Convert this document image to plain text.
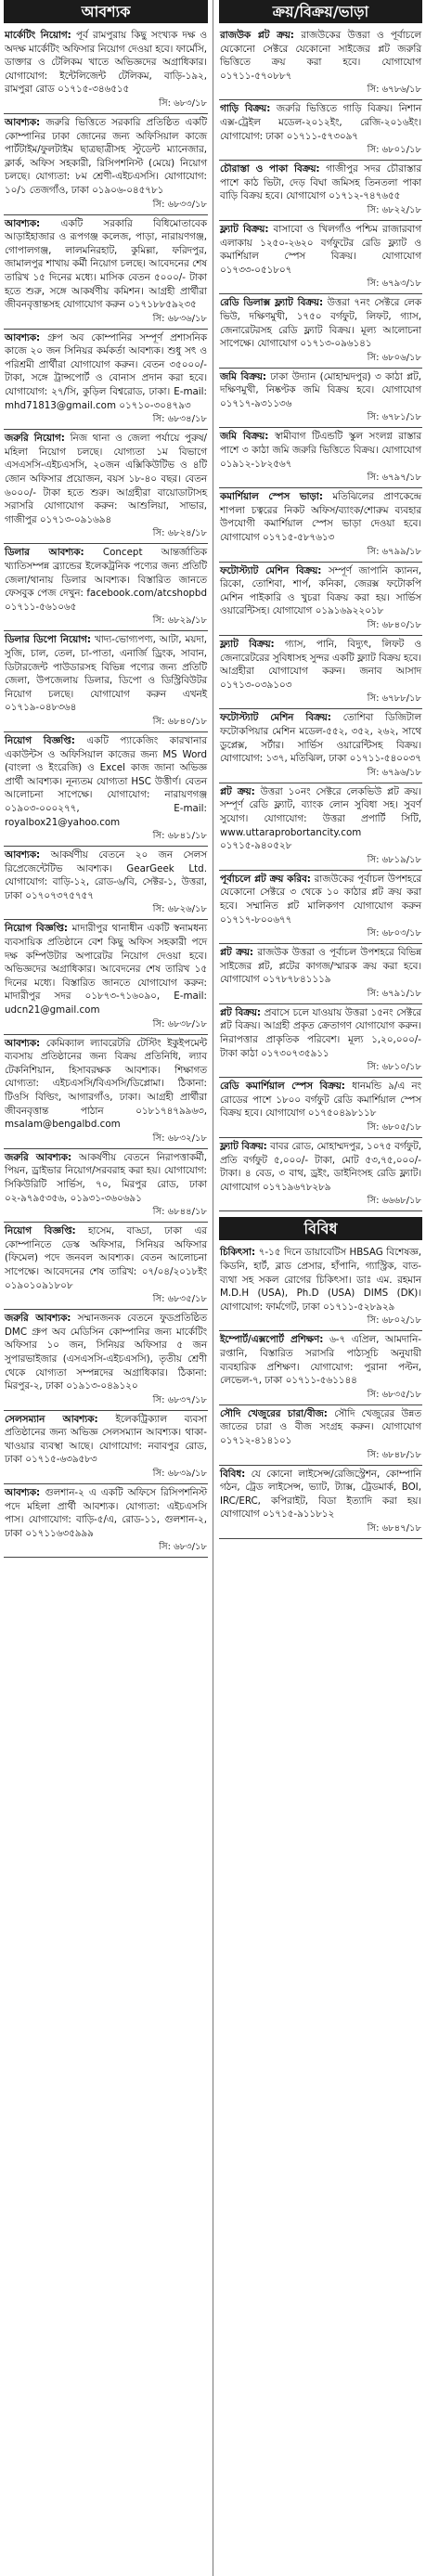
আবশ্যক
মার্কেটিং নিয়োগ: পূর্ব রামপুরায় কিছু সংখ্যক দক্ষ ও অদক্ষ মার্কেটিং অফিসার নিয়োগ দেওয়া হবে। ফার্মেসি, ডাক্তার ও টেলিকম খাতে অভিজ্ঞদের অগ্রাধিকার। যোগাযোগ: ইন্টেলিজেন্ট টেলিকম, বাড়ি-১৯২, রামপুরা রোড ০১৭১৫-৩৪৬৫১৫
সি: ৬৮৩/১৮
আবশ্যক: জরুরি ভিত্তিতে সরকারি প্রতিষ্ঠিত একটি কোম্পানির ঢাকা জোনের জন্য অফিসিয়াল কাজে পার্টটাইম/ফুলটাইম ছাত্রছাত্রীসহ স্টুডেন্ট ম্যানেজার, ক্লার্ক, অফিস সহকারী, রিসিপশনিস্ট (মেয়ে) নিয়োগ চলছে। যোগ্যতা: ৮ম শ্রেণী-এইচএসসি। যোগাযোগ: ১০/১ তেজগাঁও, ঢাকা ০১৯০৬-০৪৫৭৮১
সি: ৬৮৩৩/১৮
আবশ্যক: একটি সরকারি বিধিমোতাবেক আড়াইহাজার ও রূপগঞ্জ কলেজ, পাড়া, নারায়ণগঞ্জ, গোপালগঞ্জ, লালমনিরহাট, কুমিল্লা, ফরিদপুর, জামালপুর শাখায় কর্মী নিয়োগ চলছে। আবেদনের শেষ তারিখ ১৫ দিনের মধ্যে। মাসিক বেতন ৫০০০/- টাকা হতে শুরু, সঙ্গে আকর্ষণীয় কমিশন। আগ্রহী প্রার্থীরা জীবনবৃত্তান্তসহ যোগাযোগ করুন ০১৭১৮৮৫৯২৩৫
সি: ৬৮৩৬/১৮
আবশ্যক: গ্রুপ অব কোম্পানির সম্পূর্ণ প্রশাসনিক কাজে ২০ জন সিনিয়র কর্মকর্তা আবশ্যক। শুধু সৎ ও পরিশ্রমী প্রার্থীরা যোগাযোগ করুন। বেতন ৩৫০০০/- টাকা, সঙ্গে ট্রান্সপোর্ট ও বোনাস প্রদান করা হবে। যোগাযোগ: ২৭/সি, কুড়িল বিশ্বরোড, ঢাকা। E-mail: mhd71813@gmail.com ০১৭১০-৩০৪৭৯৩
সি: ৬৮৩৪/১৮
জরুরি নিয়োগ: নিজ থানা ও জেলা পর্যায়ে পুরুষ/মহিলা নিয়োগ চলছে। যোগ্যতা ১ম বিভাগে এসএসসি-এইচএসসি, ২০জন এক্সিকিউটিভ ও ৪টি জোন অফিসার প্রয়োজন, বয়স ১৮-৪০ বছর। বেতন ৬০০০/- টাকা হতে শুরু। আগ্রহীরা বায়োডাটাসহ সরাসরি যোগাযোগ করুন: আশুলিয়া, সাভার, গাজীপুর ০১৭১৩-০৯১৬৯৪
সি: ৬৮২৪/১৮
ডিলার আবশ্যক: Concept আন্তর্জাতিক খ্যাতিসম্পন্ন ব্র্যান্ডের ইলেকট্রনিক পণ্যের জন্য প্রতিটি জেলা/থানায় ডিলার আবশ্যক। বিস্তারিত জানতে ফেসবুক পেজ দেখুন: facebook.com/atcshopbd ০১৭১১-৫৬১০৬৫
সি: ৬৮২৯/১৮
ডিলার ডিপো নিয়োগ: খাদ্য-ভোগ্যপণ্য, আটা, ময়দা, সুজি, চাল, তেল, চা-পাতা, এনার্জি ড্রিংক, সাবান, ডিটারজেন্ট পাউডারসহ বিভিন্ন পণ্যের জন্য প্রতিটি জেলা, উপজেলায় ডিলার, ডিপো ও ডিস্ট্রিবিউটর নিয়োগ চলছে। যোগাযোগ করুন এখনই ০১৭১৯-০৪৮৩৬৪
সি: ৬৮৪০/১৮
নিয়োগ বিজ্ঞপ্তি: একটি প্যাকেজিং কারখানার একাউন্টস ও অফিসিয়াল কাজের জন্য MS Word (বাংলা ও ইংরেজি) ও Excel কাজ জানা অভিজ্ঞ প্রার্থী আবশ্যক। নূন্যতম যোগ্যতা HSC উত্তীর্ণ। বেতন আলোচনা সাপেক্ষে। যোগাযোগ: নারায়ণগঞ্জ ০১৯০৩-০০০২৭৭, E-mail: royalbox21@yahoo.com
সি: ৬৮৪১/১৮
আবশ্যক: আকর্ষণীয় বেতনে ২০ জন সেলস রিপ্রেজেন্টেটিভ আবশ্যক। GearGeek Ltd. যোগাযোগ: বাড়ি-১২, রোড-৬/বি, সেক্টর-১, উত্তরা, ঢাকা ০১৭০৭৩৭৫৭৫৭
সি: ৬৮২৬/১৮
নিয়োগ বিজ্ঞপ্তি: মাদারীপুর থানাধীন একটি স্বনামধন্য ব্যবসায়িক প্রতিষ্ঠানে বেশ কিছু অফিস সহকারী পদে দক্ষ কম্পিউটার অপারেটর নিয়োগ দেওয়া হবে। অভিজ্ঞদের অগ্রাধিকার। আবেদনের শেষ তারিখ ১৫ দিনের মধ্যে। বিস্তারিত জানতে যোগাযোগ করুন: মাদারীপুর সদর ০১৮৭৩-৭১৬০৯০, E-mail: udcn21@gmail.com
সি: ৬৮৩৮/১৮
আবশ্যক: কেমিক্যাল ল্যাবরেটরি টেস্টিং ইকুইপমেন্ট ব্যবসায় প্রতিষ্ঠানের জন্য বিক্রয় প্রতিনিধি, ল্যাব টেকনিশিয়ান, হিসাবরক্ষক আবশ্যক। শিক্ষাগত যোগ্যতা: এইচএসসি/বিএসসি/ডিপ্লোমা। ঠিকানা: টিওসি বিল্ডিং, আগারগাঁও, ঢাকা। আগ্রহী প্রার্থীরা জীবনবৃত্তান্ত পাঠান	০১৮১৭৪৭৯৯৬৩, msalam@bengalbd.com
সি: ৬৮৩২/১৮
জরুরি আবশ্যক: আকর্ষণীয় বেতনে নিরাপত্তাকর্মী, পিয়ন, ড্রাইভার নিয়োগ/সরবরাহ করা হয়। যোগাযোগ: সিকিউরিটি সার্ভিস, ৭০, মিরপুর রোড, ঢাকা ০২-৯৭৯৫৩৫৬, ০১৯৩১-৩৬০৬৯১
সি: ৬৮৪৪/১৮
নিয়োগ বিজ্ঞপ্তি: হাসেম, বাড্ডা, ঢাকা এর কোম্পানিতে ডেস্ক অফিসার, সিনিয়র অফিসার (ফিমেল) পদে জনবল আবশ্যক। বেতন আলোচনা সাপেক্ষে। আবেদনের শেষ তারিখ: ০৭/০৪/২০১৮ইং ০১৯০১০৯১৮০৮
সি: ৬৮৩৫/১৮
জরুরি আবশ্যক: সম্মানজনক বেতনে ফুডপ্রতিষ্ঠিত DMC গ্রুপ অব মেডিসিন কোম্পানির জন্য মার্কেটিং অফিসার ১০ জন, সিনিয়র অফিসার ৫ জন সুপারভাইজার (এসএসসি-এইচএসসি), তৃতীয় শ্রেণী থেকে যোগ্যতা সম্পন্নদের অগ্রাধিকার। ঠিকানা: মিরপুর-২, ঢাকা ০১৯১৩-০৪৯১২০
সি: ৬৮৩৭/১৮
সেলসম্যান আবশ্যক: ইলেকট্রিক্যাল ব্যবসা প্রতিষ্ঠানের জন্য অভিজ্ঞ সেলসম্যান আবশ্যক। থাকা-খাওয়ার ব্যবস্থা আছে। যোগাযোগ: নবাবপুর রোড, ঢাকা ০১৭১৫-৬৩৯৫৮৩
সি: ৬৮৩৯/১৮
আবশ্যক: গুলশান-২ এ একটি অফিসে রিসিপশনিস্ট পদে মহিলা প্রার্থী আবশ্যক। যোগ্যতা: এইচএসসি পাস। যোগাযোগ: বাড়ি-৫/এ, রোড-১১, গুলশান-২, ঢাকা ০১৭১১৬৩৫৯৯৯
সি: ৬৮৩/১৮
ক্রয়/বিক্রয়/ভাড়া
রাজউক প্লট ক্রয়: রাজউকের উত্তরা ও পূর্বাচলে যেকোনো সেক্টরে যেকোনো সাইজের প্লট জরুরি ভিত্তিতে ক্রয় করা হবে। যোগাযোগ ০১৭১১-৫৭০৮৮৭
সি: ৬৭৮৬/১৮
গাড়ি বিক্রয়: জরুরি ভিত্তিতে গাড়ি বিক্রয়। নিশান এক্স-ট্রেইল মডেল-২০১২ইং, রেজি-২০১৬ইং। যোগাযোগ: ঢাকা ০১৭১১-৫৭৩০৯৭
সি: ৬৮০১/১৮
চৌরাস্তা ও পাকা বিক্রয়: গাজীপুর সদর চৌরাস্তার পাশে কাঠ ভিটা, দেড় বিঘা জমিসহ তিনতলা পাকা বাড়ি বিক্রয় হবে। যোগাযোগ ০১৭১২-৭৪৭৬৫৫
সি: ৬৮২২/১৮
ফ্ল্যাট বিক্রয়: বাসাবো ও খিলগাঁও পশ্চিম রাজারবাগ এলাকায় ১২৫০-২৬২০ বর্গফুটের রেডি ফ্ল্যাট ও কমার্শিয়াল স্পেস বিক্রয়। যোগাযোগ ০১৭৩৩-০৫১৮০৭
সি: ৬৭৯৩/১৮
রেডি ডিলাক্স ফ্ল্যাট বিক্রয়: উত্তরা ৭নং সেক্টরে লেক ভিউ, দক্ষিণমুখী, ১৭৫০ বর্গফুট, লিফট, গ্যাস, জেনারেটরসহ রেডি ফ্ল্যাট বিক্রয়। মূল্য আলোচনা সাপেক্ষে। যোগাযোগ ০১৭১৩-০৯৬১৪১
সি: ৬৮০৬/১৮
জমি বিক্রয়: ঢাকা উদ্যান (মোহাম্মদপুর) ৩ কাঠা প্লট, দক্ষিণমুখী, নিষ্কণ্টক জমি বিক্রয় হবে। যোগাযোগ ০১৭১৭-৯৩১১৩৬
সি: ৬৭৮১/১৮
জমি বিক্রয়: স্বামীবাগ টিএন্ডটি স্কুল সংলগ্ন রাস্তার পাশে ৩ কাঠা জমি জরুরি ভিত্তিতে বিক্রয়। যোগাযোগ ০১৯১২-১৮২৫৬৭
সি: ৬৭৯৭/১৮
কমার্শিয়াল স্পেস ভাড়া: মতিঝিলের প্রাণকেন্দ্রে শাপলা চত্বরের নিকট অফিস/ব্যাংক/শোরুম ব্যবহার উপযোগী কমার্শিয়াল স্পেস ভাড়া দেওয়া হবে। যোগাযোগ ০১৭১৫-৫৮৭৬১৩
সি: ৬৭৯৯/১৮
ফটোস্ট্যাট মেশিন বিক্রয়: সম্পূর্ণ জাপানি ক্যানন, রিকো, তোশিবা, শার্প, কনিকা, জেরক্স ফটোকপি মেশিন পাইকারি ও খুচরা বিক্রয় করা হয়। সার্ভিস ওয়ারেন্টিসহ। যোগাযোগ ০১৯১৬৯২২০১৮
সি: ৬৮৪০/১৮
ফ্ল্যাট বিক্রয়: গ্যাস, পানি, বিদ্যুৎ, লিফট ও জেনারেটরের সুবিধাসহ সুন্দর একটি ফ্ল্যাট বিক্রয় হবে। আগ্রহীরা যোগাযোগ করুন। জনাব আসাদ ০১৭১৩-০৩৯১০৩
সি: ৬৭৮৮/১৮
ফটোস্ট্যাট মেশিন বিক্রয়: তোশিবা ডিজিটাল ফটোকপিয়ার মেশিন মডেল-৫৫২, ৩৫২, ২৬২, সাথে ডুপ্লেক্স, সর্টার। সার্ভিস ওয়ারেন্টিসহ বিক্রয়। যোগাযোগ: ১৩৭, মতিঝিল, ঢাকা ০১৭১১-৫৪০০৩৭
সি: ৬৭৯৬/১৮
প্লট ক্রয়: উত্তরা ১০নং সেক্টরে লেকভিউ প্লট ক্রয়। সম্পূর্ণ রেডি ফ্ল্যাট, ব্যাংক লোন সুবিধা সহ। সুবর্ণ সুযোগ। যোগাযোগ: উত্তরা প্রপার্টি সিটি, www.uttaraprobortancity.com ০১৭১৫-৯৪০৫২৮
সি: ৬৮১৯/১৮
পূর্বাচলে প্লট ক্রয় করিব: রাজউকের পূর্বাচল উপশহরে যেকোনো সেক্টরে ৩ থেকে ১০ কাঠার প্লট ক্রয় করা হবে। সম্মানিত প্লট মালিকগণ যোগাযোগ করুন ০১৭১৭-৮০০৬৭৭
সি: ৬৮০৩/১৮
প্লট ক্রয়: রাজউক উত্তরা ও পূর্বাচল উপশহরে বিভিন্ন সাইজের প্লট, প্লটের কাগজ/স্মারক ক্রয় করা হবে। যোগাযোগ ০১৭৮৭৮৪১১১৯
সি: ৬৭৯১/১৮
প্লট বিক্রয়: প্রবাসে চলে যাওয়ায় উত্তরা ১৫নং সেক্টরে প্লট বিক্রয়। আগ্রহী প্রকৃত ক্রেতাগণ যোগাযোগ করুন। নিরাপত্তার প্রাকৃতিক পরিবেশ। মূল্য ১,২০,০০০/- টাকা কাঠা ০১৭৩০৭৩৫৯১১
সি: ৬৮১০/১৮
রেডি কমার্শিয়াল স্পেস বিক্রয়: ধানমন্ডি ৯/এ নং রোডের পাশে ১৮০০ বর্গফুট রেডি কমার্শিয়াল স্পেস বিক্রয় হবে। যোগাযোগ ০১৭৫০৪৯৮১১৮
সি: ৬৮০৫/১৮
ফ্ল্যাট বিক্রয়: বাবর রোড, মোহাম্মদপুর, ১০৭৫ বর্গফুট, প্রতি বর্গফুট ৫,০০০/- টাকা, মোট ৫৩,৭৫,০০০/- টাকা। ৪ বেড, ৩ বাথ, ড্রইং, ডাইনিংসহ রেডি ফ্ল্যাট। যোগাযোগ ০১৭১৯৬৭৮২৮৯
সি: ৬৬৬৮/১৮
বিবিধ
চিকিৎসা: ৭-১৫ দিনে ডায়াবেটিস HBSAG বিশেষজ্ঞ, কিডনি, হার্ট, ব্লাড প্রেসার, হাঁপানি, গ্যাস্ট্রিক, বাত-ব্যথা সহ সকল রোগের চিকিৎসা। ডাঃ এম. রহমান M.D.H (USA), Ph.D (USA) DIMS (DK)। যোগাযোগ: ফার্মগেট, ঢাকা ০১৭১১-৫২৮৯২৯
সি: ৬৮০২/১৮
ইম্পোর্ট/এক্সপোর্ট প্রশিক্ষণ: ৬-৭ এপ্রিল, আমদানি-রপ্তানি, বিস্তারিত সরাসরি পাঠ্যসূচি অনুযায়ী ব্যবহারিক প্রশিক্ষণ। যোগাযোগ: পুরানা পল্টন, লেভেল-৭, ঢাকা ০১৭১১-৫৬১১৪৪
সি: ৬৮৩৫/১৮
সৌদি খেজুরের চারা/বীজ: সৌদি খেজুরের উন্নত জাতের চারা ও বীজ সংগ্রহ করুন। যোগাযোগ ০১৭১২-৪১৪১০১
সি: ৬৮৪৮/১৮
বিবিধ: যে কোনো লাইসেন্স/রেজিস্ট্রেশন, কোম্পানি গঠন, ট্রেড লাইসেন্স, ভ্যাট, ট্যাক্স, ট্রেডমার্ক, BOI, IRC/ERC, কপিরাইট, বিডা ইত্যাদি করা হয়। যোগাযোগ ০১৭১৫-৯১১৮১২
সি: ৬৮৪৭/১৮
